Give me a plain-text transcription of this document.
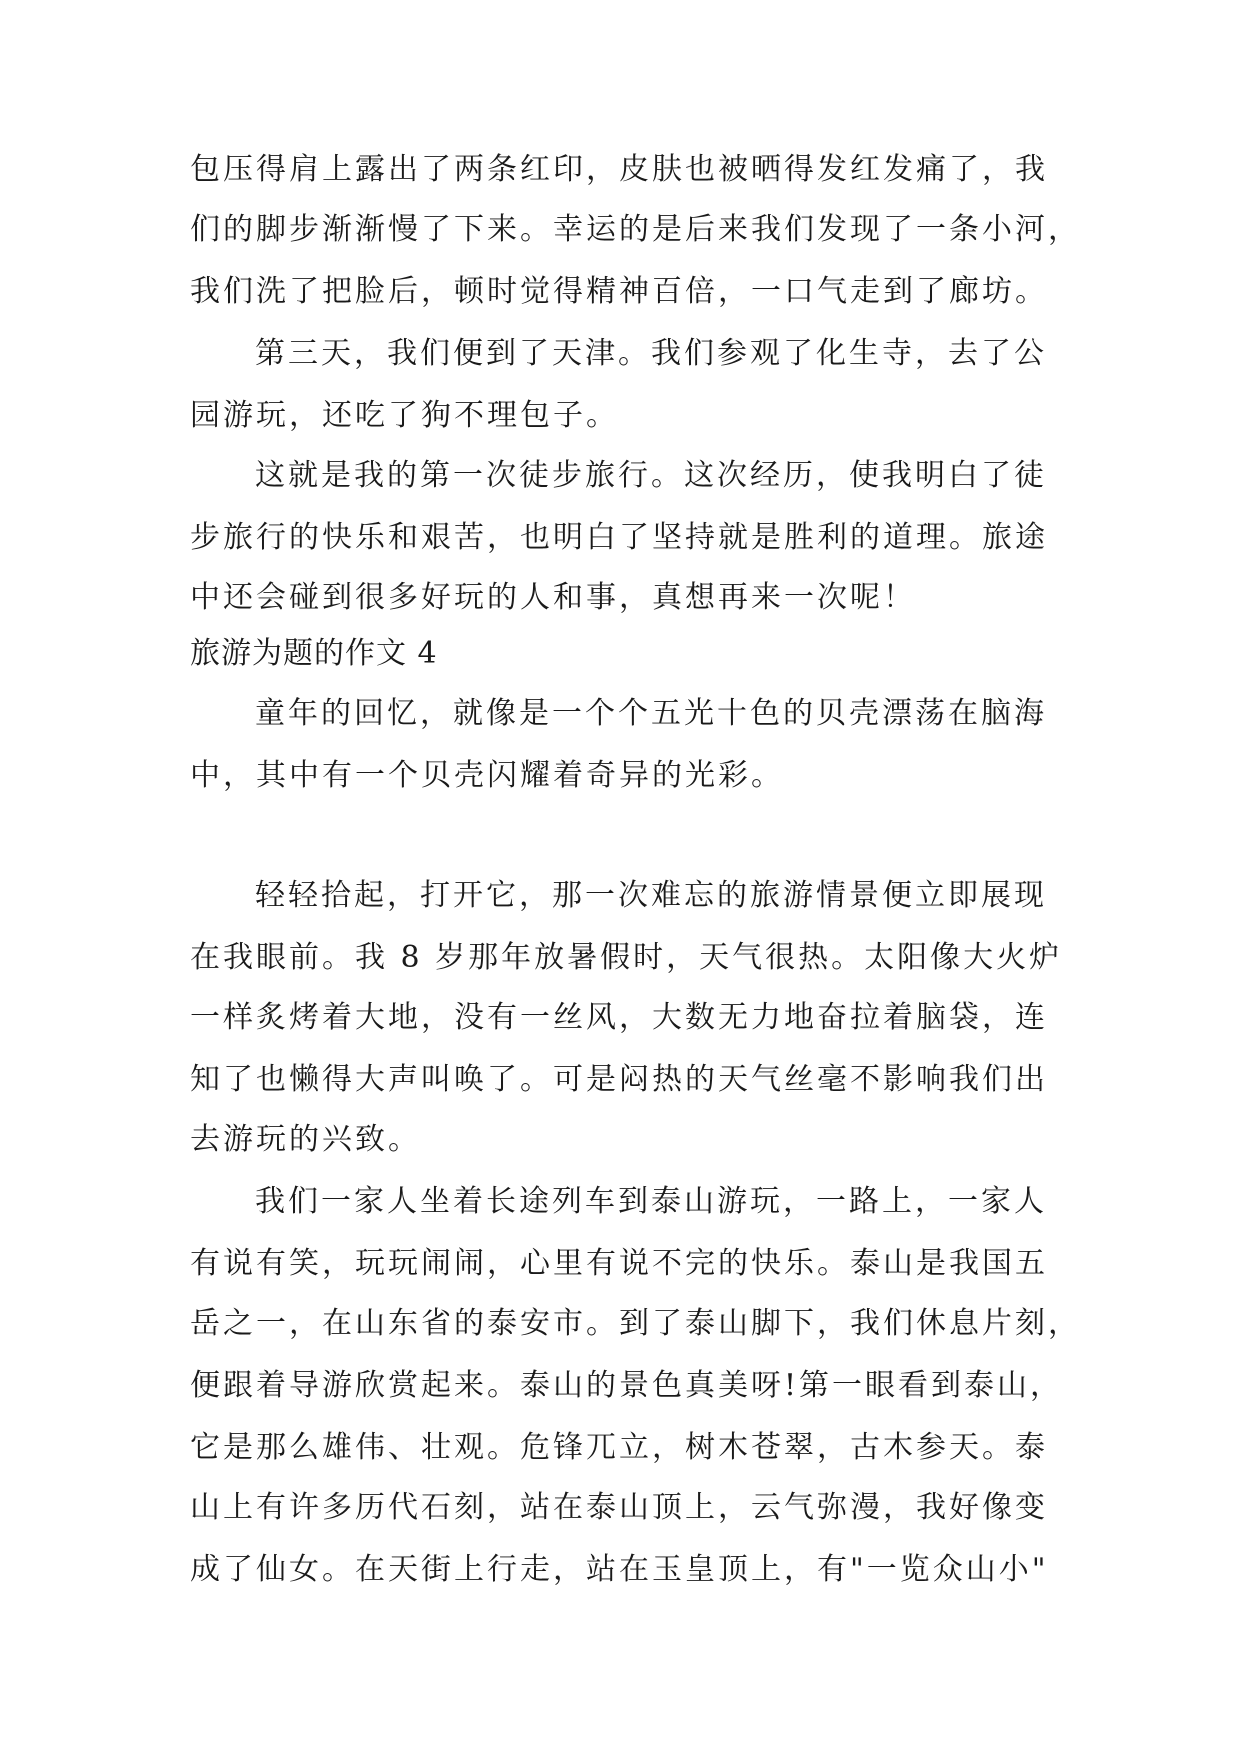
包压得肩上露出了两条红印，皮肤也被晒得发红发痛了，我
们的脚步渐渐慢了下来。幸运的是后来我们发现了一条小河，
我们洗了把脸后，顿时觉得精神百倍，一口气走到了廊坊。
第三天，我们便到了天津。我们参观了化生寺，去了公
园游玩，还吃了狗不理包子。
这就是我的第一次徒步旅行。这次经历，使我明白了徒
步旅行的快乐和艰苦，也明白了坚持就是胜利的道理。旅途
中还会碰到很多好玩的人和事，真想再来一次呢！
旅游为题的作文 4
童年的回忆，就像是一个个五光十色的贝壳漂荡在脑海
中，其中有一个贝壳闪耀着奇异的光彩。
轻轻拾起，打开它，那一次难忘的旅游情景便立即展现
在我眼前。我 8 岁那年放暑假时，天气很热。太阳像大火炉
一样炙烤着大地，没有一丝风，大数无力地奋拉着脑袋，连
知了也懒得大声叫唤了。可是闷热的天气丝毫不影响我们出
去游玩的兴致。
我们一家人坐着长途列车到泰山游玩，一路上，一家人
有说有笑，玩玩闹闹，心里有说不完的快乐。泰山是我国五
岳之一，在山东省的泰安市。到了泰山脚下，我们休息片刻，
便跟着导游欣赏起来。泰山的景色真美呀!第一眼看到泰山，
它是那么雄伟、壮观。危锋兀立，树木苍翠，古木参天。泰
山上有许多历代石刻，站在泰山顶上，云气弥漫，我好像变
成了仙女。在天街上行走，站在玉皇顶上，有"一览众山小"
